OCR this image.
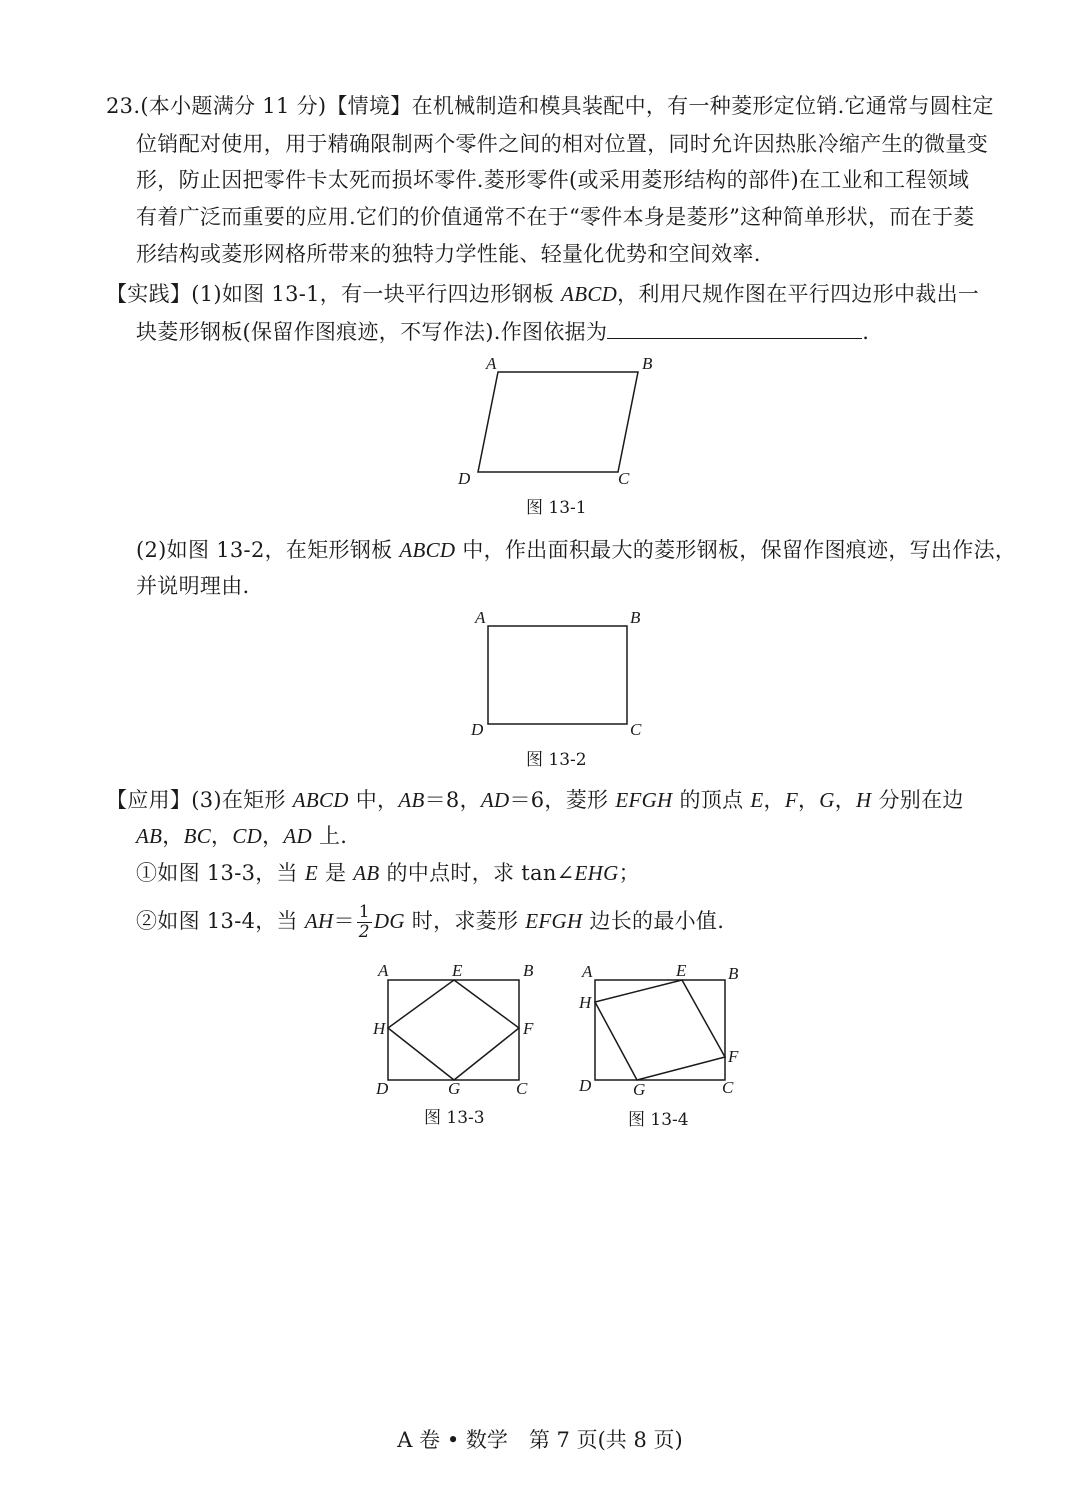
23.(本小题满分 11 分)【情境】在机械制造和模具装配中，有一种菱形定位销.它通常与圆柱定
位销配对使用，用于精确限制两个零件之间的相对位置，同时允许因热胀冷缩产生的微量变
形，防止因把零件卡太死而损坏零件.菱形零件(或采用菱形结构的部件)在工业和工程领域
有着广泛而重要的应用.它们的价值通常不在于“零件本身是菱形”这种简单形状，而在于菱
形结构或菱形网格所带来的独特力学性能、轻量化优势和空间效率.
【实践】(1)如图 13-1，有一块平行四边形钢板 ABCD，利用尺规作图在平行四边形中裁出一
块菱形钢板(保留作图痕迹，不写作法).作图依据为	.
A	B
C
D
图 13-1
(2)如图 13-2，在矩形钢板 ABCD 中，作出面积最大的菱形钢板，保留作图痕迹，写出作法，
并说明理由.
A	B
C
D
图 13-2
【应用】(3)在矩形 ABCD 中，AB＝8，AD＝6，菱形 EFGH 的顶点 E，F，G，H 分别在边
AB，BC，CD，AD 上.
①如图 13-3，当 E 是 AB 的中点时，求 tan∠EHG；
②如图 13-4，当 $AH= \frac{1}{2}$ DG 时，求菱形 EFGH 边长的最小值.
A	E	B
H	F
D	G	C
图 13-3
A	E B
H
F
D G	C
图 13-4
A 卷 • 数学　第 7 页(共 8 页)
